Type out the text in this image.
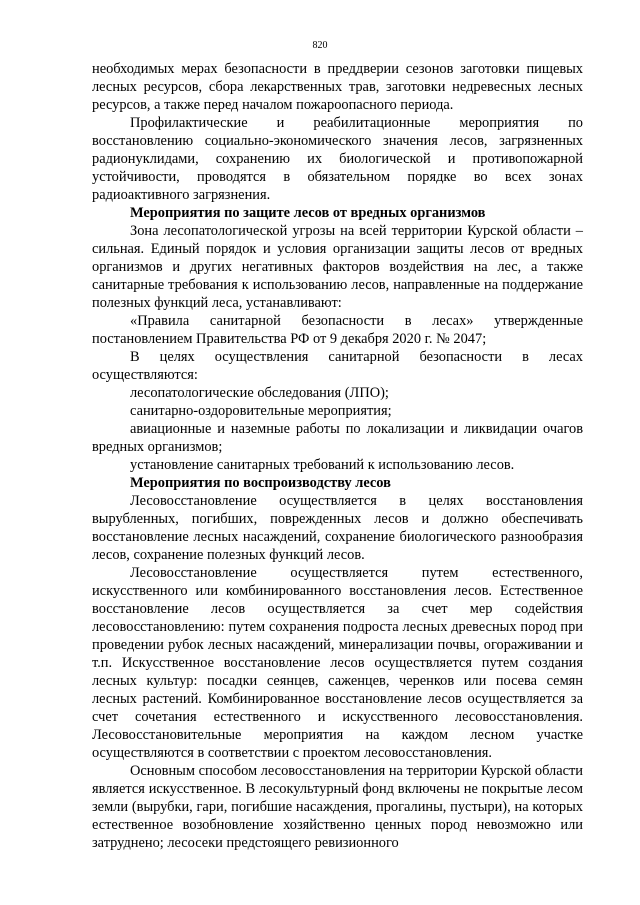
820

необходимых мерах безопасности в преддверии сезонов заготовки пищевых лесных ресурсов, сбора лекарственных трав, заготовки недревесных лесных ресурсов, а также перед началом пожароопасного периода.

Профилактические и реабилитационные мероприятия по восстановлению социально-экономического значения лесов, загрязненных радионуклидами, сохранению их биологической и противопожарной устойчивости, проводятся в обязательном порядке во всех зонах радиоактивного загрязнения.

Мероприятия по защите лесов от вредных организмов

Зона лесопатологической угрозы на всей территории Курской области – сильная. Единый порядок и условия организации защиты лесов от вредных организмов и других негативных факторов воздействия на лес, а также санитарные требования к использованию лесов, направленные на поддержание полезных функций леса, устанавливают:

«Правила санитарной безопасности в лесах» утвержденные постановлением Правительства РФ от 9 декабря 2020 г. № 2047;

В целях осуществления санитарной безопасности в лесах осуществляются:

лесопатологические обследования (ЛПО);

санитарно-оздоровительные мероприятия;

авиационные и наземные работы по локализации и ликвидации очагов вредных организмов;

установление санитарных требований к использованию лесов.

Мероприятия по воспроизводству лесов

Лесовосстановление осуществляется в целях восстановления вырубленных, погибших, поврежденных лесов и должно обеспечивать восстановление лесных насаждений, сохранение биологического разнообразия лесов, сохранение полезных функций лесов.

Лесовосстановление осуществляется путем естественного, искусственного или комбинированного восстановления лесов. Естественное восстановление лесов осуществляется за счет мер содействия лесовосстановлению: путем сохранения подроста лесных древесных пород при проведении рубок лесных насаждений, минерализации почвы, огораживании и т.п. Искусственное восстановление лесов осуществляется путем создания лесных культур: посадки сеянцев, саженцев, черенков или посева семян лесных растений. Комбинированное восстановление лесов осуществляется за счет сочетания естественного и искусственного лесовосстановления. Лесовосстановительные мероприятия на каждом лесном участке осуществляются в соответствии с проектом лесовосстановления.

Основным способом лесовосстановления на территории Курской области является искусственное. В лесокультурный фонд включены не покрытые лесом земли (вырубки, гари, погибшие насаждения, прогалины, пустыри), на которых естественное возобновление хозяйственно ценных пород невозможно или затруднено; лесосеки предстоящего ревизионного
